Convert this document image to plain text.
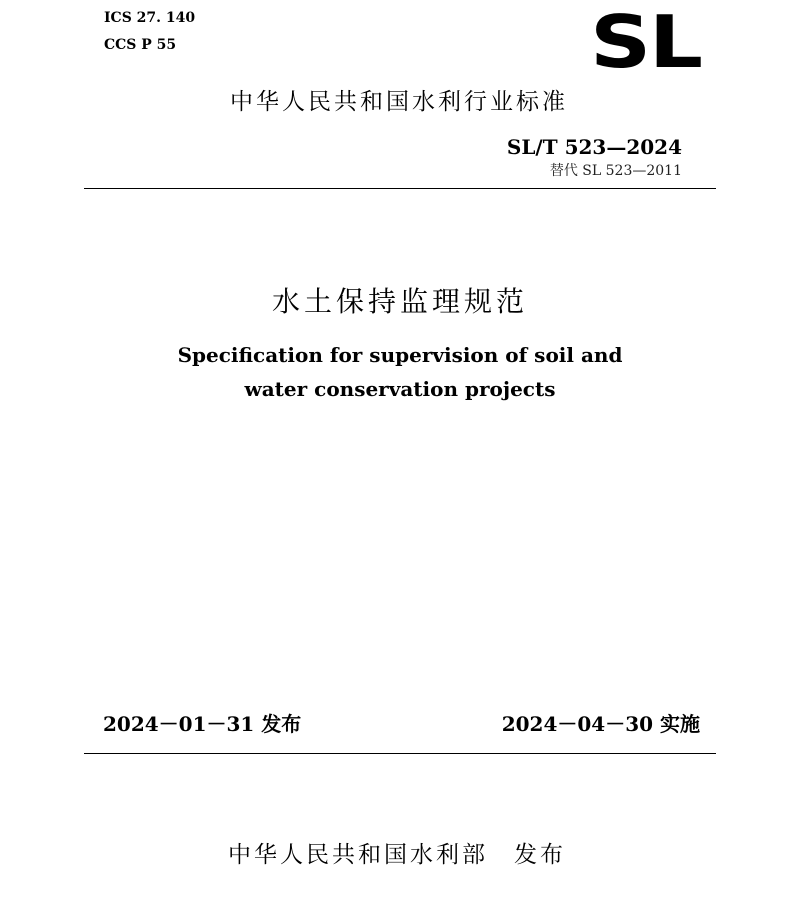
ICS 27. 140
CCS P 55	SL
中华人民共和国水利行业标准
SL/T 523—2024
替代 SL 523—2011
水土保持监理规范
Specification for supervision of soil and
water conservation projects
2024－01－31 发布	2024－04－30 实施
中华人民共和国水利部　发布
